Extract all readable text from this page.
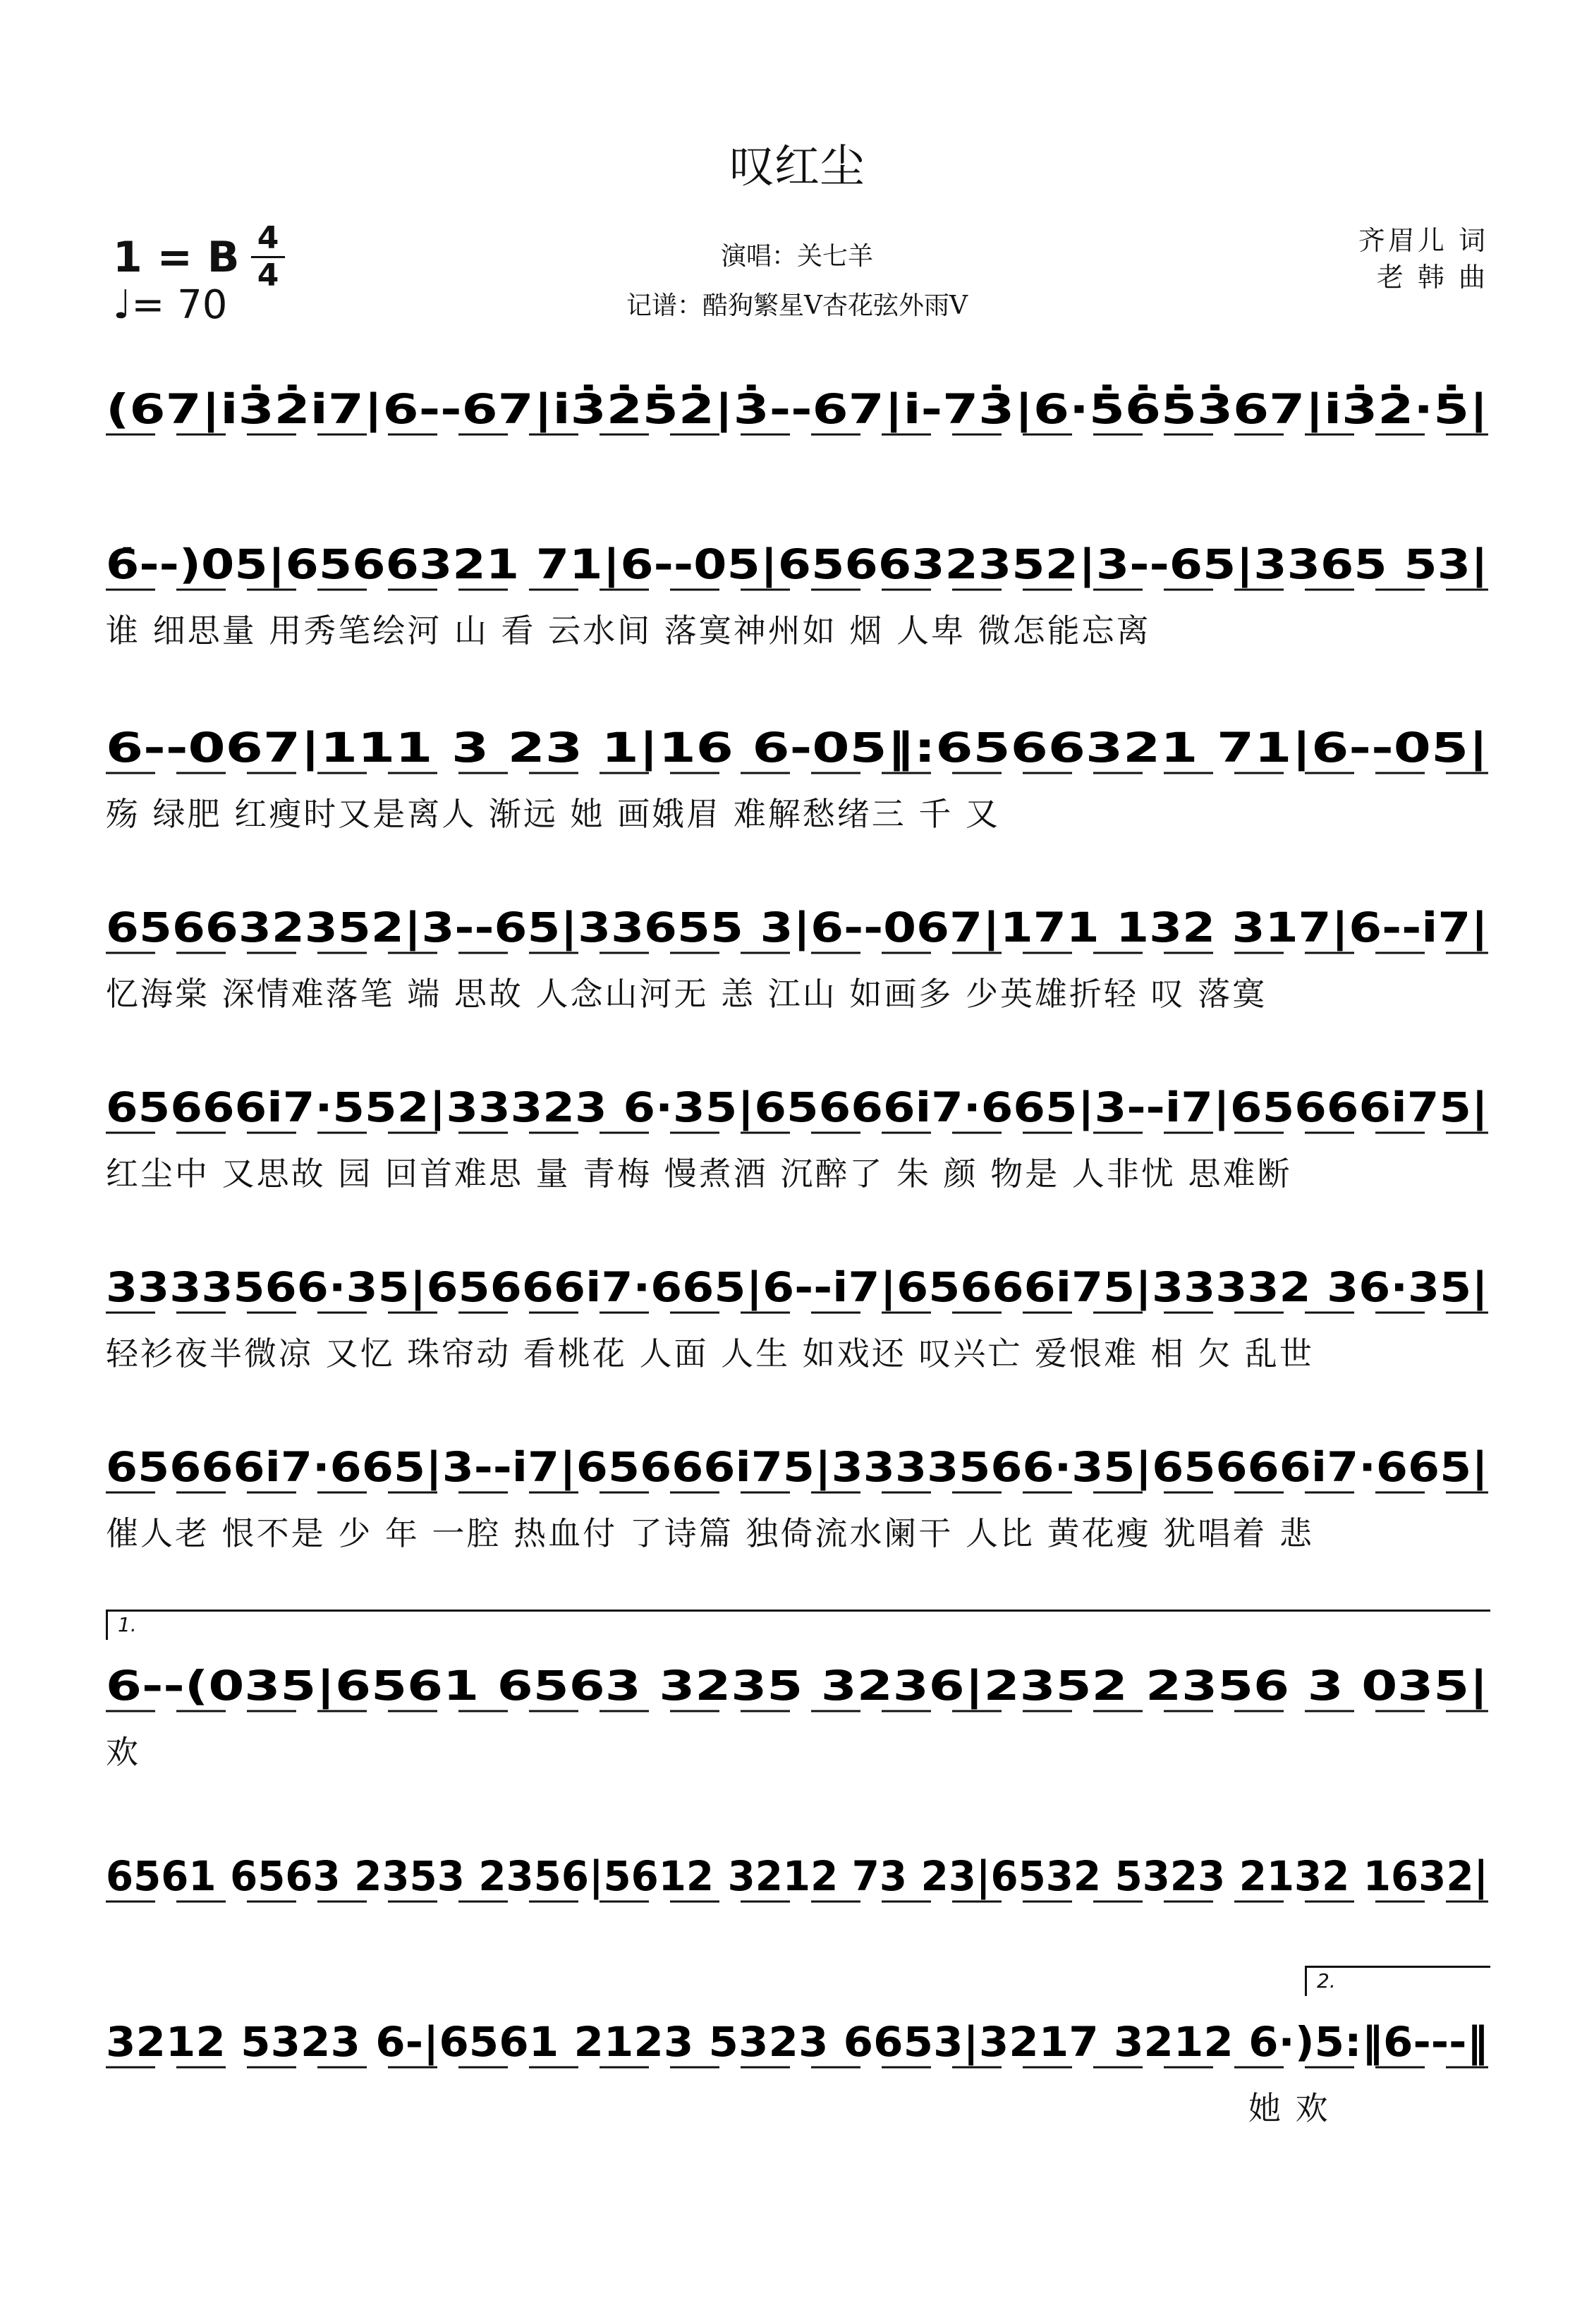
叹红尘
1 = B 4
4
♩= 70
演唱：关七羊
记谱：酷狗繁星V杏花弦外雨V
齐眉儿 词
老 韩 曲
(67|i̇3̇2̇i̇7|6--67|i̇3̇2̇5̇2̇|3̇--67|i̇-73̇|6·5̇6̇5̇3̇67|i̇3̇2̇·5̇|
6̇--)05|6566321 71|6--05|656632352|3--65|3365 53|
谁 细思量 用秀笔绘河 山 看 云水间 落寞神州如 烟 人卑 微怎能忘离
6--067|111 3 23 1|16 6-05‖:6566321 71|6--05|
殇 绿肥 红瘦时又是离人 渐远 她 画娥眉 难解愁绪三 千 又
656632352|3--65|33655 3|6--067|171 132 317|6--i̇7|
忆海棠 深情难落笔 端 思故 人念山河无 恙 江山 如画多 少英雄折轻 叹 落寞
65666i̇7·552|33323 6·35|65666i̇7·665|3--i̇7|65666i̇75|
红尘中 又思故 园 回首难思 量 青梅 慢煮酒 沉醉了 朱 颜 物是 人非忧 思难断
3333566·35|65666i̇7·665|6--i̇7|65666i̇75|33332 36·35|
轻衫夜半微凉 又忆 珠帘动 看桃花 人面 人生 如戏还 叹兴亡 爱恨难 相 欠 乱世
65666i̇7·665|3--i̇7|65666i̇75|3333566·35|65666i̇7·665|
催人老 恨不是 少 年 一腔 热血付 了诗篇 独倚流水阑干 人比 黄花瘦 犹唱着 悲
1.
6--(035|6561 6563 3235 3236|2352 2356 3 035|
欢
6561 6563 2353 2356|5612 3212 73 23|6532 5323 2132 1632|
2.
3212 5323 6-|6561 2123 5323 6653|3217 3212 6·)5:‖6---‖
她 欢
